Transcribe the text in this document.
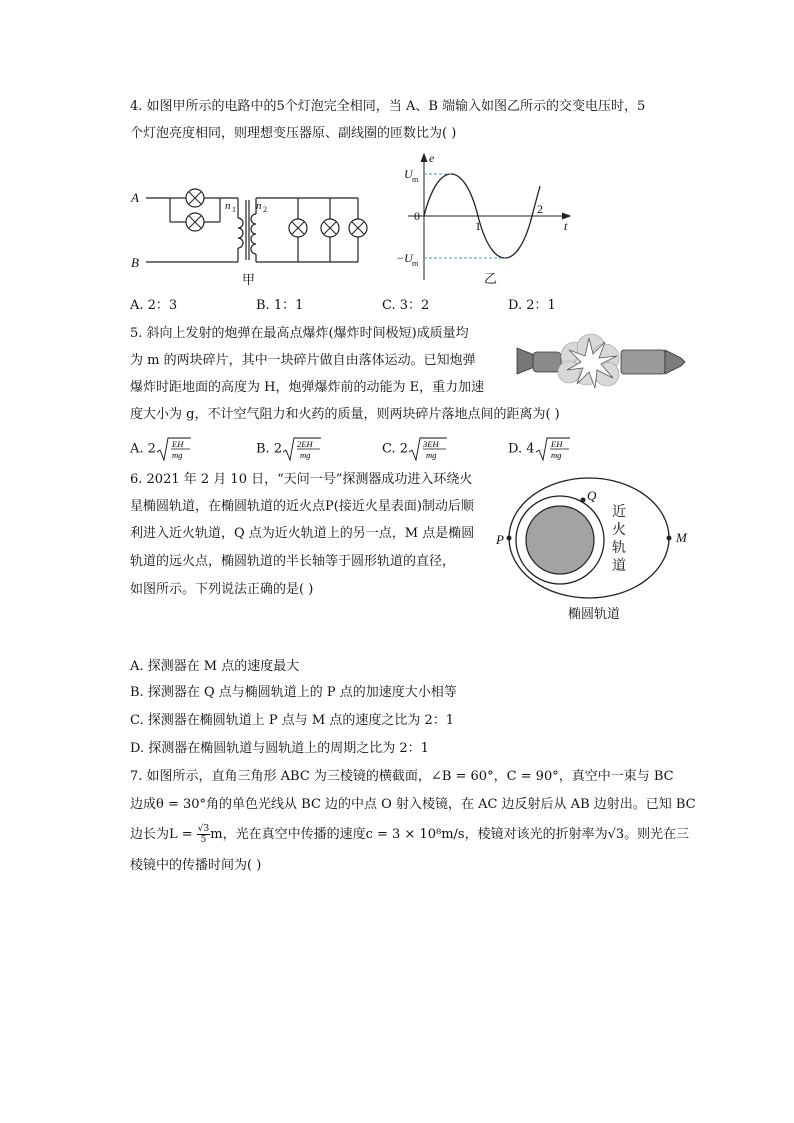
4. 如图甲所示的电路中的5个灯泡完全相同，当 A、B 端输入如图乙所示的交变电压时，5
个灯泡亮度相同，则理想变压器原、副线圈的匝数比为( )
A
B
n 1 n 2
甲
e
t
U m
−U m
0
1
2
乙
A. 2：3	B. 1：1	C. 3：2	D. 2：1
5. 斜向上发射的炮弹在最高点爆炸(爆炸时间极短)成质量均
为 m 的两块碎片，其中一块碎片做自由落体运动。已知炮弹
爆炸时距地面的高度为 H，炮弹爆炸前的动能为 E，重力加速
度大小为 g，不计空气阻力和火药的质量，则两块碎片落地点间的距离为( )
A. 2 EH
mg	B. 2 2EH
mg	C. 2 3EH
mg	D. 4 EH
mg
6. 2021 年 2 月 10 日，“天问一号”探测器成功进入环绕火
星椭圆轨道，在椭圆轨道的近火点P(接近火星表面)制动后顺
利进入近火轨道，Q 点为近火轨道上的另一点，M 点是椭圆
轨道的远火点，椭圆轨道的半长轴等于圆形轨道的直径，
如图所示。下列说法正确的是( )
P
Q
M
近
火
轨
道
椭圆轨道
A. 探测器在 M 点的速度最大
B. 探测器在 Q 点与椭圆轨道上的 P 点的加速度大小相等
C. 探测器在椭圆轨道上 P 点与 M 点的速度之比为 2：1
D. 探测器在椭圆轨道与圆轨道上的周期之比为 2：1
7. 如图所示，直角三角形 ABC 为三棱镜的横截面，∠B = 60°，C = 90°，真空中一束与 BC
边成θ = 30°角的单色光线从 BC 边的中点 O 射入棱镜，在 AC 边反射后从 AB 边射出。已知 BC
边长为$L = \frac{√3}{5}$ m，光在真空中传播的速度c = 3 × 10⁸m/s，棱镜对该光的折射率为√3。则光在三
棱镜中的传播时间为( )
